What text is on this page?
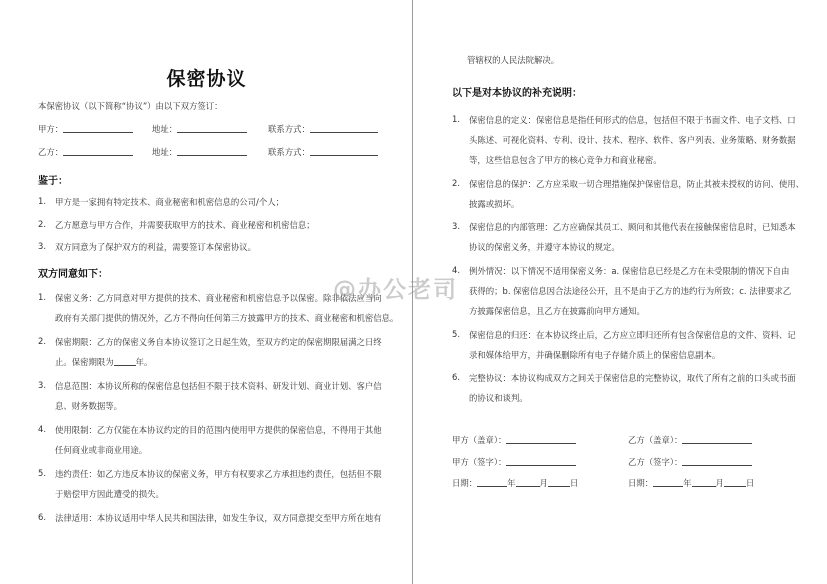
保密协议
本保密协议（以下简称“协议”）由以下双方签订：
甲方：	地址：	联系方式：
乙方：	地址：	联系方式：
鉴于：
1. 甲方是一家拥有特定技术、商业秘密和机密信息的公司/个人；
2. 乙方愿意与甲方合作，并需要获取甲方的技术、商业秘密和机密信息；
3. 双方同意为了保护双方的利益，需要签订本保密协议。
双方同意如下：
1. 保密义务：乙方同意对甲方提供的技术、商业秘密和机密信息予以保密。除非依法应当向
政府有关部门提供的情况外，乙方不得向任何第三方披露甲方的技术、商业秘密和机密信息。
2. 保密期限：乙方的保密义务自本协议签订之日起生效，至双方约定的保密期限届满之日终
止。保密期限为	年。
3. 信息范围：本协议所称的保密信息包括但不限于技术资料、研发计划、商业计划、客户信
息、财务数据等。
4. 使用限制：乙方仅能在本协议约定的目的范围内使用甲方提供的保密信息，不得用于其他
任何商业或非商业用途。
5. 违约责任：如乙方违反本协议的保密义务，甲方有权要求乙方承担违约责任，包括但不限
于赔偿甲方因此遭受的损失。
6. 法律适用：本协议适用中华人民共和国法律，如发生争议，双方同意提交至甲方所在地有
管辖权的人民法院解决。
以下是对本协议的补充说明：
1. 保密信息的定义：保密信息是指任何形式的信息，包括但不限于书面文件、电子文档、口
头陈述、可视化资料、专利、设计、技术、程序、软件、客户列表、业务策略、财务数据
等，这些信息包含了甲方的核心竞争力和商业秘密。
2. 保密信息的保护：乙方应采取一切合理措施保护保密信息，防止其被未授权的访问、使用、
披露或损坏。
3. 保密信息的内部管理：乙方应确保其员工、顾问和其他代表在接触保密信息时，已知悉本
协议的保密义务，并遵守本协议的规定。
4. 例外情况：以下情况不适用保密义务：a. 保密信息已经是乙方在未受限制的情况下自由
获得的；b. 保密信息因合法途径公开，且不是由于乙方的违约行为所致；c. 法律要求乙
方披露保密信息，且乙方在披露前向甲方通知。
5. 保密信息的归还：在本协议终止后，乙方应立即归还所有包含保密信息的文件、资料、记
录和媒体给甲方，并确保删除所有电子存储介质上的保密信息副本。
6. 完整协议：本协议构成双方之间关于保密信息的完整协议，取代了所有之前的口头或书面
的协议和谈判。
甲方（盖章）：	乙方（盖章）：
甲方（签字）：	乙方（签字）：
日期：	年	月	日	日期：	年	月	日
@办公老司
